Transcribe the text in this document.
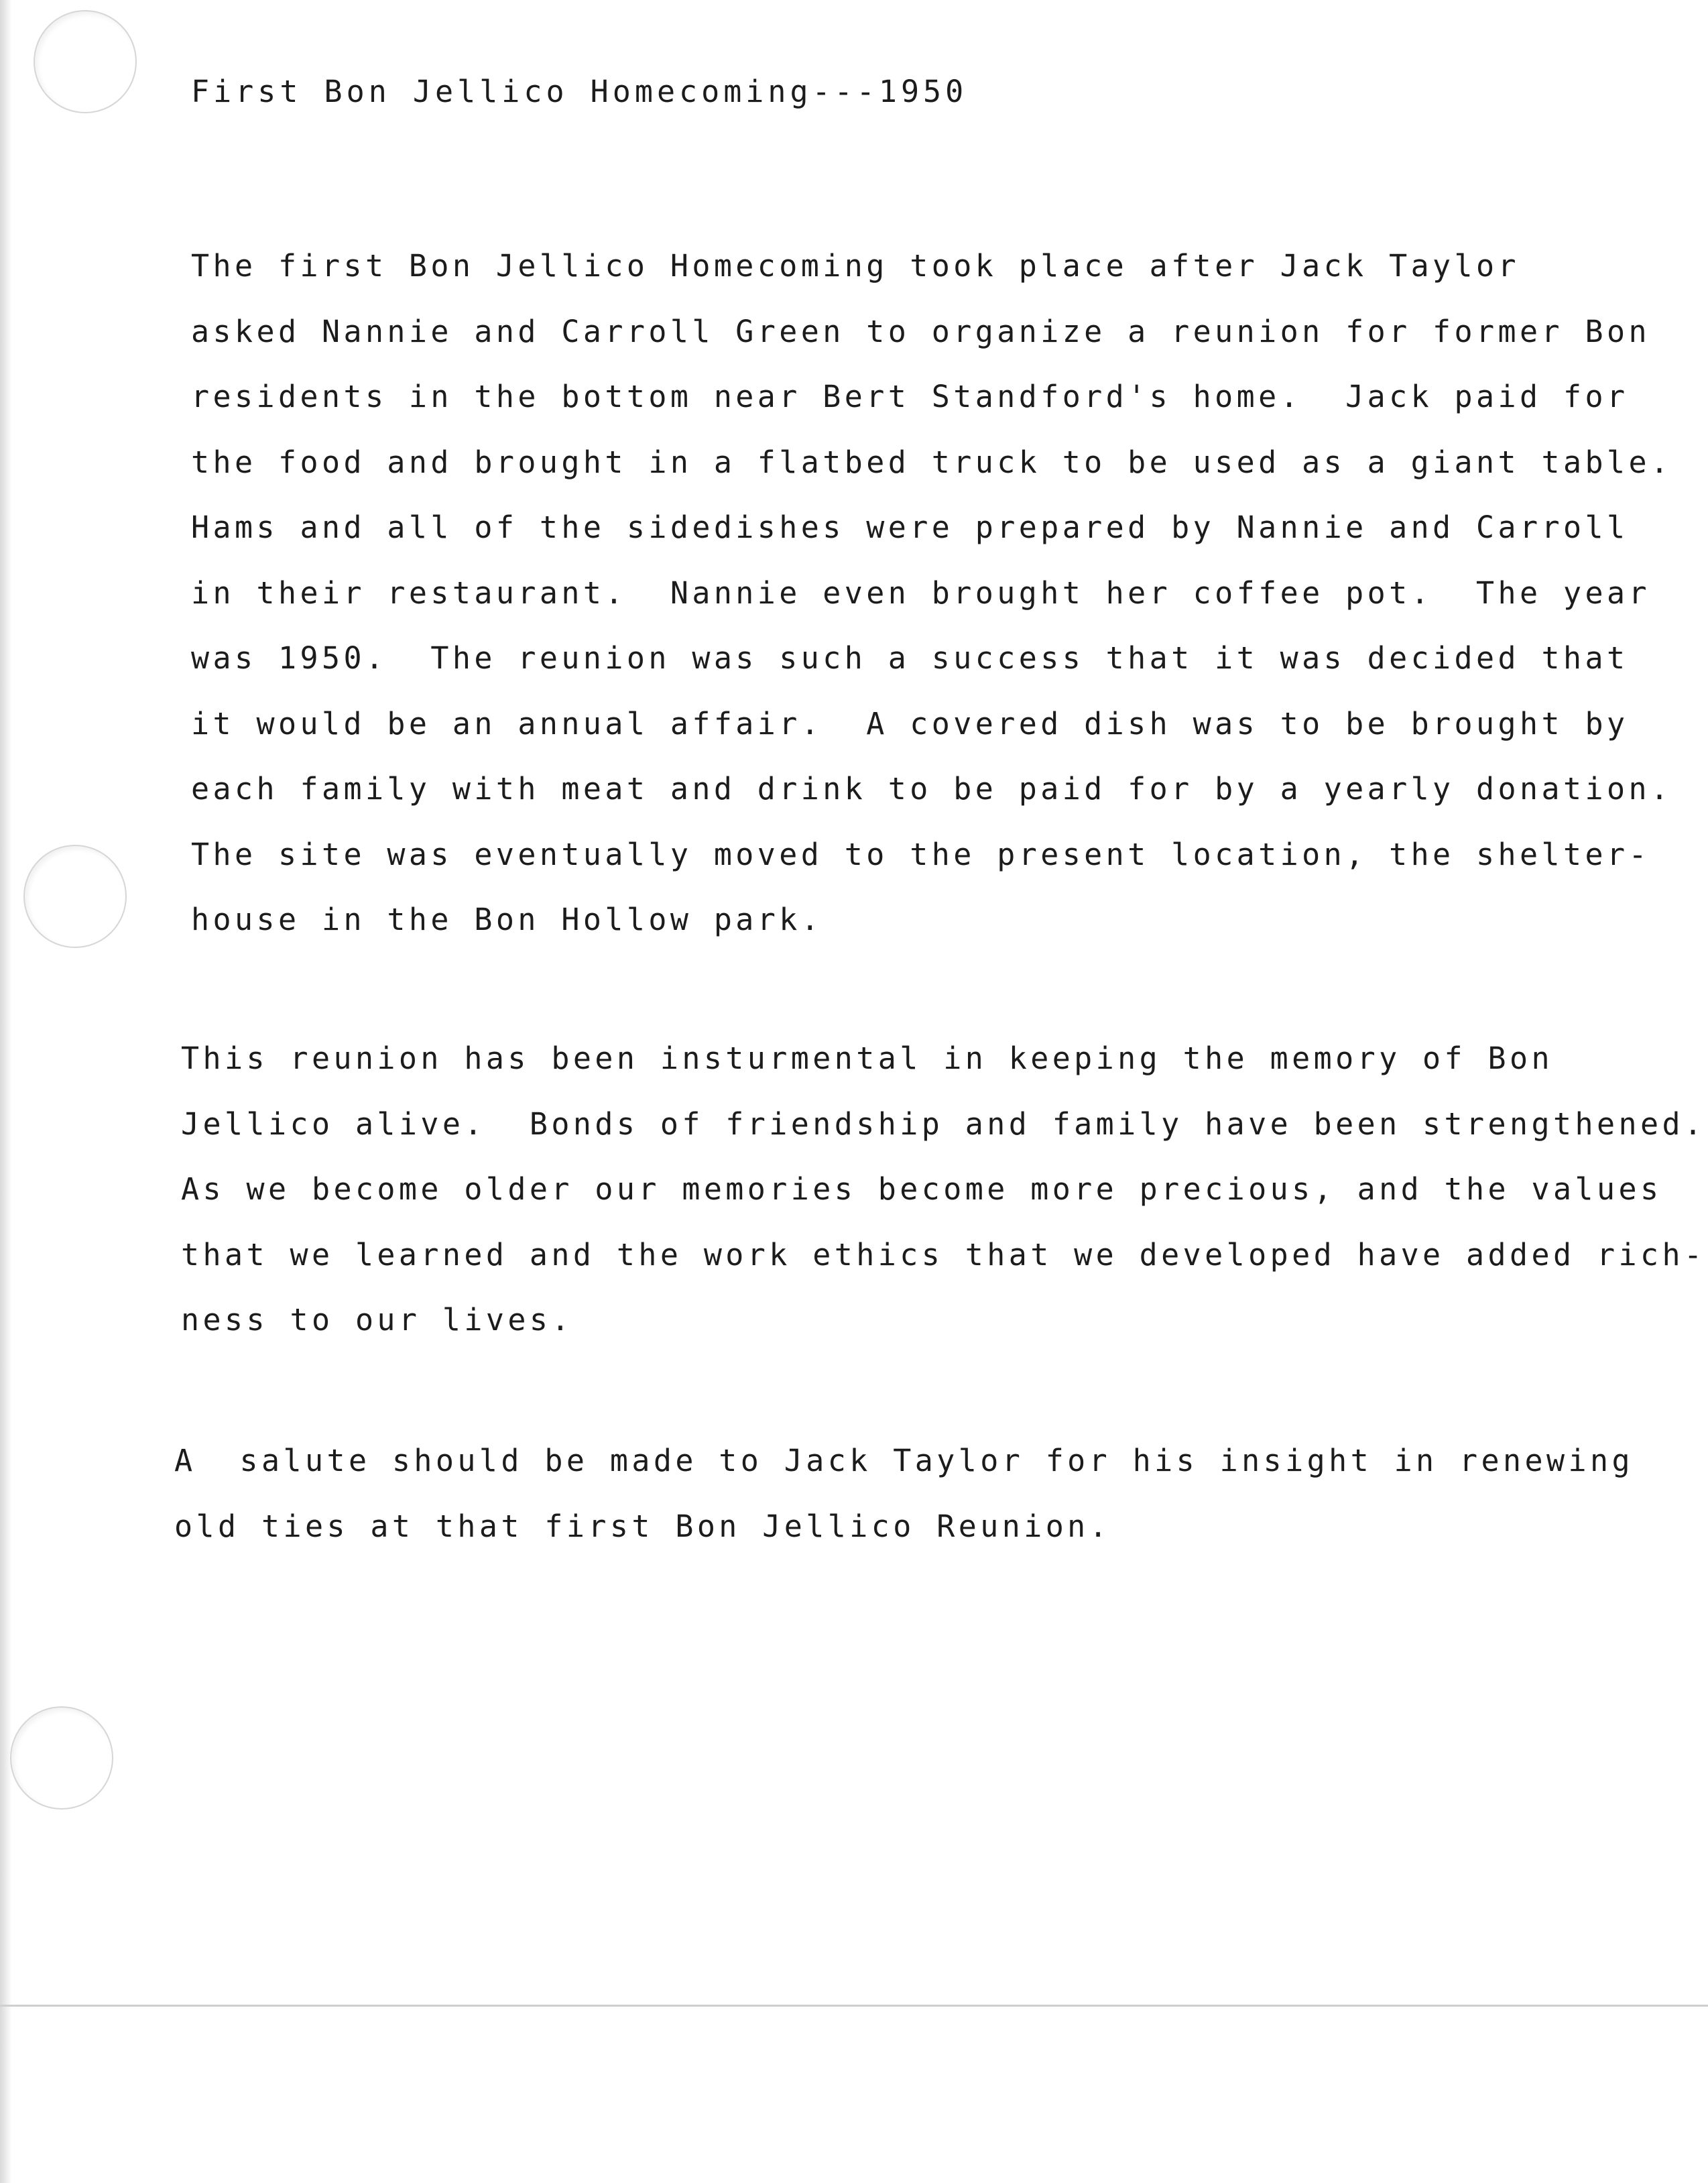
First Bon Jellico Homecoming---1950
The first Bon Jellico Homecoming took place after Jack Taylor
asked Nannie and Carroll Green to organize a reunion for former Bon
residents in the bottom near Bert Standford's home.  Jack paid for
the food and brought in a flatbed truck to be used as a giant table.
Hams and all of the sidedishes were prepared by Nannie and Carroll
in their restaurant.  Nannie even brought her coffee pot.  The year
was 1950.  The reunion was such a success that it was decided that
it would be an annual affair.  A covered dish was to be brought by
each family with meat and drink to be paid for by a yearly donation.
The site was eventually moved to the present location, the shelter-
house in the Bon Hollow park.
This reunion has been insturmental in keeping the memory of Bon
Jellico alive.  Bonds of friendship and family have been strengthened.
As we become older our memories become more precious, and the values
that we learned and the work ethics that we developed have added rich-
ness to our lives.
A  salute should be made to Jack Taylor for his insight in renewing
old ties at that first Bon Jellico Reunion.
